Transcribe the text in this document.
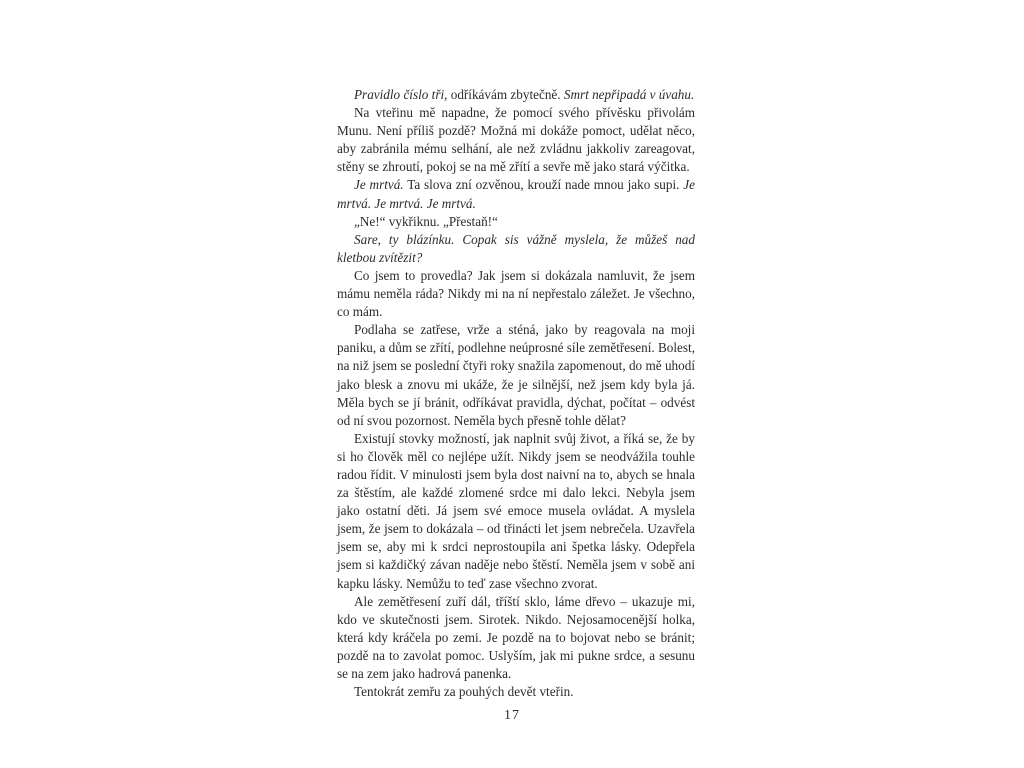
Pravidlo číslo tři, odříkávám zbytečně. Smrt nepřipadá v úvahu.

Na vteřinu mě napadne, že pomocí svého přívěsku přivolám Munu. Není příliš pozdě? Možná mi dokáže pomoct, udělat něco, aby zabránila mému selhání, ale než zvládnu jakkoliv zareagovat, stěny se zhroutí, pokoj se na mě zřítí a sevře mě jako stará výčitka.

Je mrtvá. Ta slova zní ozvěnou, krouží nade mnou jako supi. Je mrtvá. Je mrtvá. Je mrtvá.

„Ne!“ vykřiknu. „Přestaň!“

Sare, ty blázínku. Copak sis vážně myslela, že můžeš nad kletbou zvítězit?

Co jsem to provedla? Jak jsem si dokázala namluvit, že jsem mámu neměla ráda? Nikdy mi na ní nepřestalo záležet. Je všechno, co mám.

Podlaha se zatřese, vrže a sténá, jako by reagovala na moji paniku, a dům se zřítí, podlehne neúprosné síle zemětřesení. Bolest, na niž jsem se poslední čtyři roky snažila zapomenout, do mě uhodí jako blesk a znovu mi ukáže, že je silnější, než jsem kdy byla já. Měla bych se jí bránit, odříkávat pravidla, dýchat, počítat – odvést od ní svou pozornost. Neměla bych přesně tohle dělat?

Existují stovky možností, jak naplnit svůj život, a říká se, že by si ho člověk měl co nejlépe užít. Nikdy jsem se neodvážila touhle radou řídit. V minulosti jsem byla dost naivní na to, abych se hnala za štěstím, ale každé zlomené srdce mi dalo lekci. Nebyla jsem jako ostatní děti. Já jsem své emoce musela ovládat. A myslela jsem, že jsem to dokázala – od třinácti let jsem nebrečela. Uzavřela jsem se, aby mi k srdci neprostoupila ani špetka lásky. Odepřela jsem si každičký závan naděje nebo štěstí. Neměla jsem v sobě ani kapku lásky. Nemůžu to teď zase všechno zvorat.

Ale zemětřesení zuří dál, tříští sklo, láme dřevo – ukazuje mi, kdo ve skutečnosti jsem. Sirotek. Nikdo. Nejosamocenější holka, která kdy kráčela po zemi. Je pozdě na to bojovat nebo se bránit; pozdě na to zavolat pomoc. Uslyším, jak mi pukne srdce, a sesunu se na zem jako hadrová panenka.

Tentokrát zemřu za pouhých devět vteřin.

17
